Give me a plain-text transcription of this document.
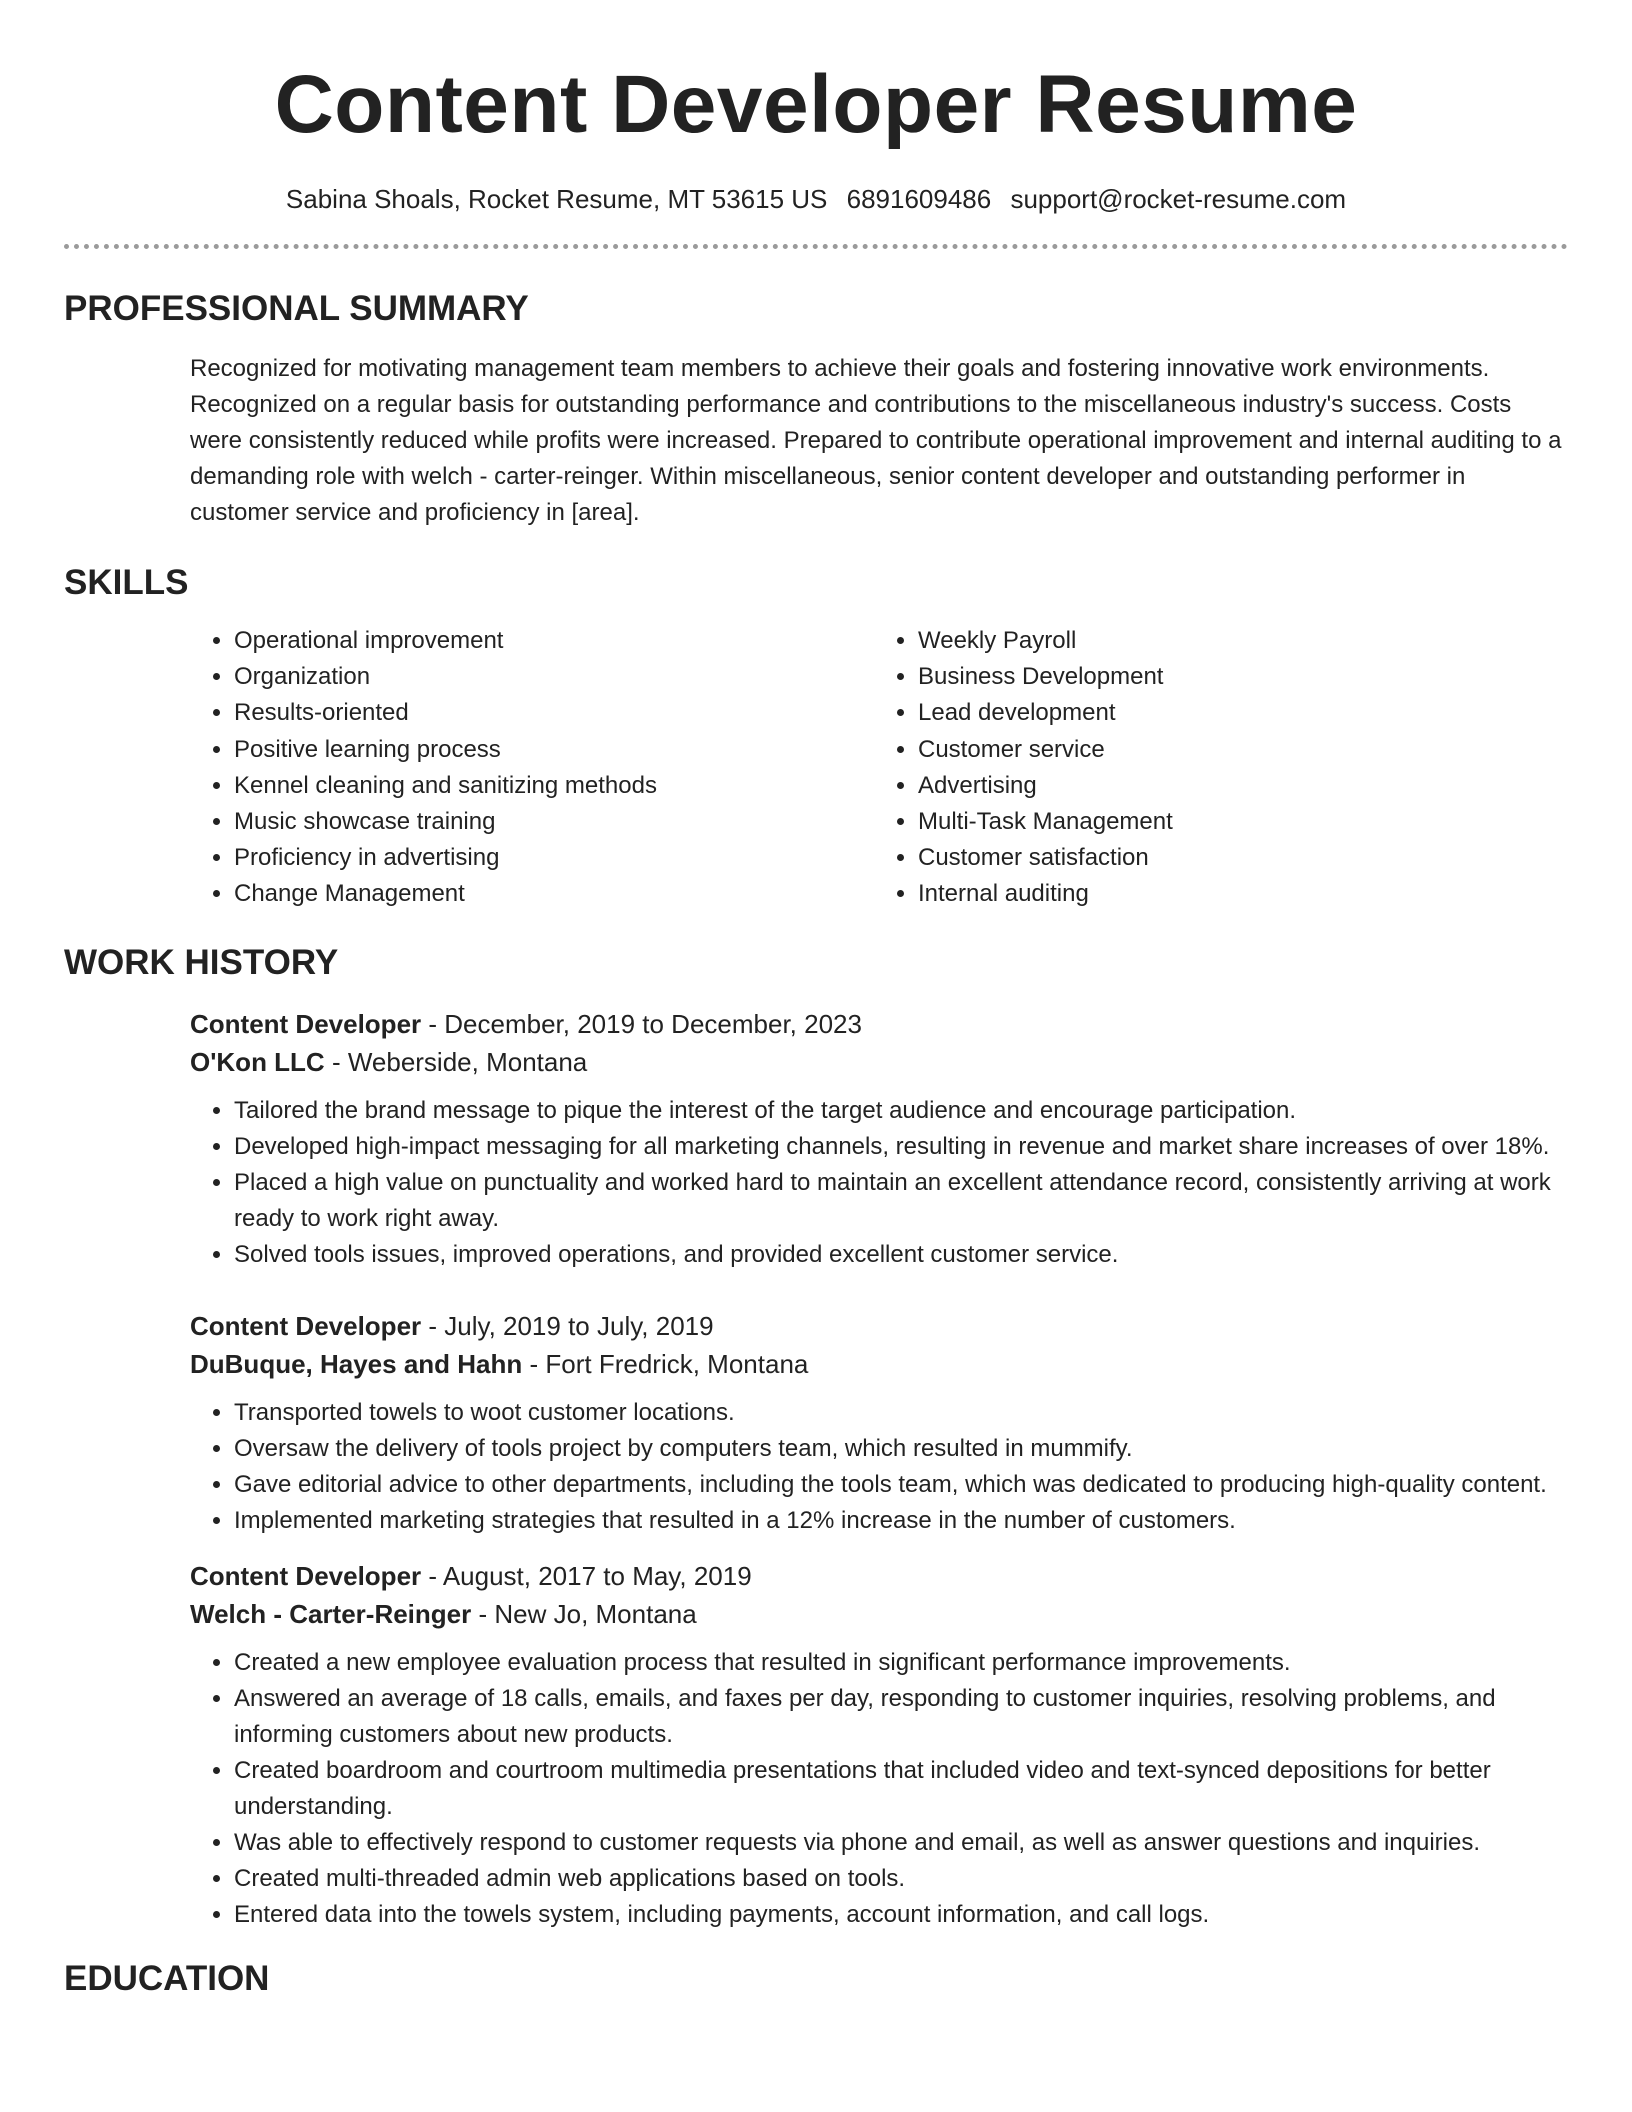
Content Developer Resume
Sabina Shoals, Rocket Resume, MT 53615 US 6891609486 support@rocket-resume.com
PROFESSIONAL SUMMARY

Recognized for motivating management team members to achieve their goals and fostering innovative work environments. Recognized on a regular basis for outstanding performance and contributions to the miscellaneous industry's success. Costs were consistently reduced while profits were increased. Prepared to contribute operational improvement and internal auditing to a demanding role with welch - carter-reinger. Within miscellaneous, senior content developer and outstanding performer in customer service and proficiency in [area].

SKILLS
• Operational improvement
• Organization
• Results-oriented
• Positive learning process
• Kennel cleaning and sanitizing methods
• Music showcase training
• Proficiency in advertising
• Change Management
• Weekly Payroll
• Business Development
• Lead development
• Customer service
• Advertising
• Multi-Task Management
• Customer satisfaction
• Internal auditing
WORK HISTORY

Content Developer - December, 2019 to December, 2023

O'Kon LLC - Weberside, Montana

• Tailored the brand message to pique the interest of the target audience and encourage participation.
• Developed high-impact messaging for all marketing channels, resulting in revenue and market share increases of over 18%.
• Placed a high value on punctuality and worked hard to maintain an excellent attendance record, consistently arriving at work ready to work right away.
• Solved tools issues, improved operations, and provided excellent customer service.

Content Developer - July, 2019 to July, 2019

DuBuque, Hayes and Hahn - Fort Fredrick, Montana

• Transported towels to woot customer locations.
• Oversaw the delivery of tools project by computers team, which resulted in mummify.
• Gave editorial advice to other departments, including the tools team, which was dedicated to producing high-quality content.
• Implemented marketing strategies that resulted in a 12% increase in the number of customers.

Content Developer - August, 2017 to May, 2019

Welch - Carter-Reinger - New Jo, Montana

• Created a new employee evaluation process that resulted in significant performance improvements.
• Answered an average of 18 calls, emails, and faxes per day, responding to customer inquiries, resolving problems, and informing customers about new products.
• Created boardroom and courtroom multimedia presentations that included video and text-synced depositions for better understanding.
• Was able to effectively respond to customer requests via phone and email, as well as answer questions and inquiries.
• Created multi-threaded admin web applications based on tools.
• Entered data into the towels system, including payments, account information, and call logs.
EDUCATION
